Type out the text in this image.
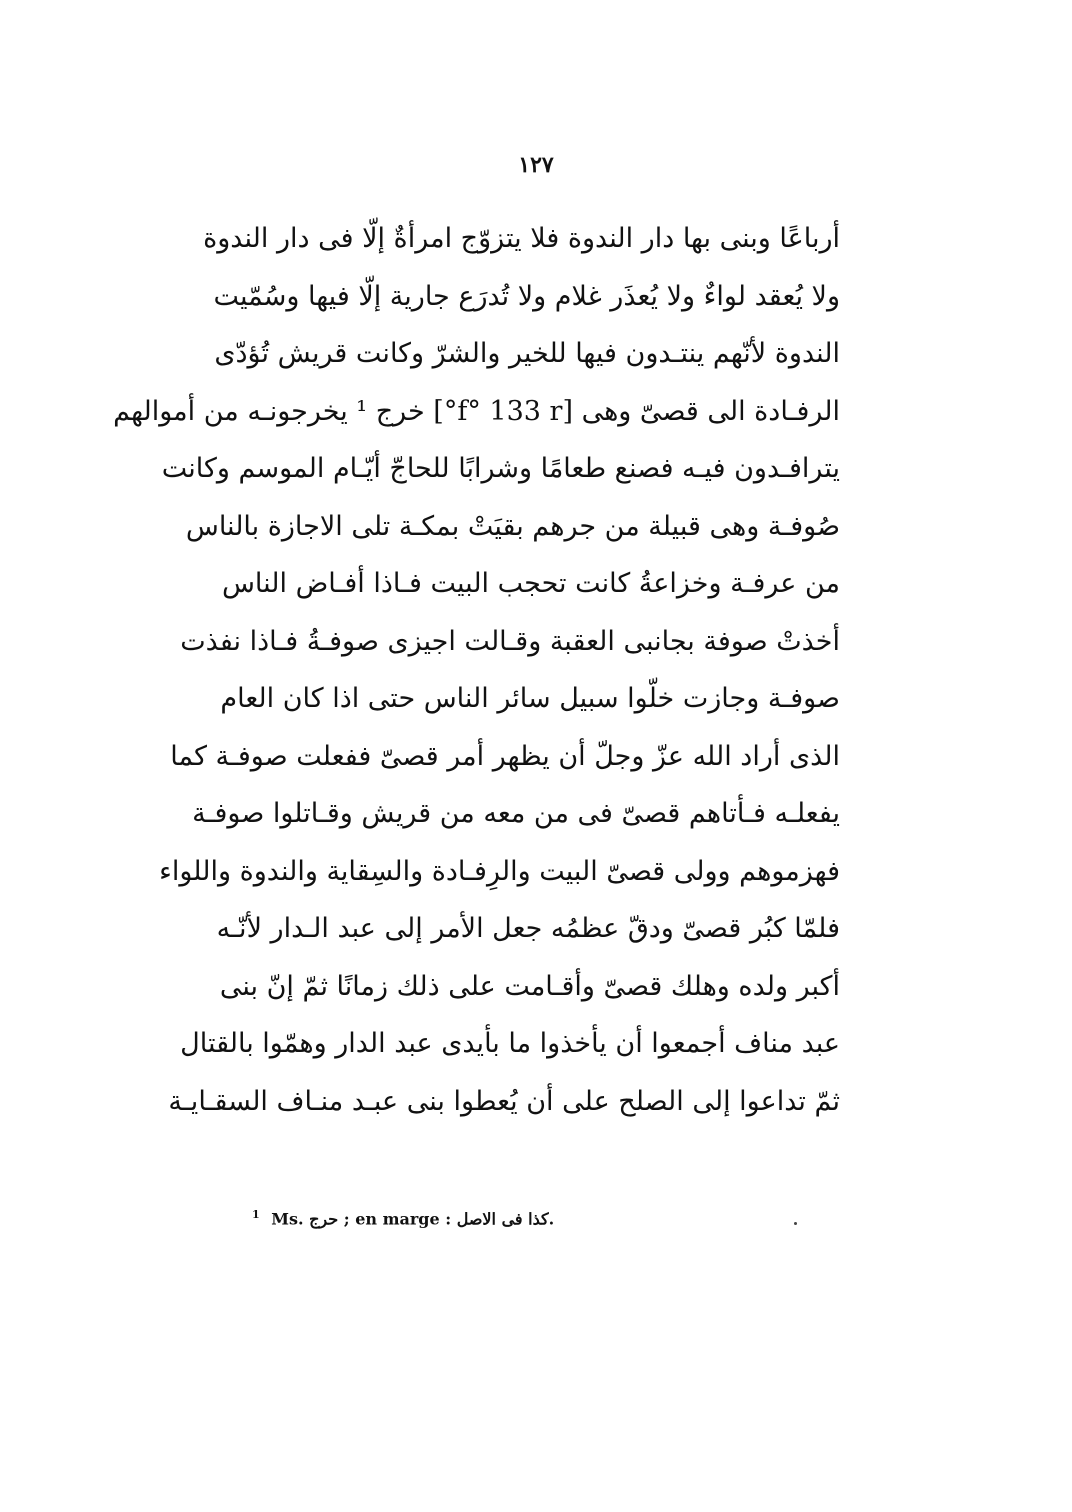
١٢٧
أرباعًا وبنى بها دار الندوة فلا يتزوّج امرأةٌ إلّا فى دار الندوة
ولا يُعقد لواءٌ ولا يُعذَر غلام ولا تُدرَع جارية إلّا فيها وسُمّيت
الندوة لأنّهم ينتـدون فيها للخير والشرّ وكانت قريش تُؤدّى
الرفـادة الى قصىّ وهى [f° 133 r°] خرج ¹ يخرجونـه من أموالهم
يترافـدون فيـه فصنع طعامًا وشرابًا للحاجّ أيّـام الموسم وكانت
صُوفـة وهى قبيلة من جرهم بقيَتْ بمكـة تلى الاجازة بالناس
من عرفـة وخزاعةُ كانت تحجب البيت فـاذا أفـاض الناس
أخذتْ صوفة بجانبى العقبة وقـالت اجيزى صوفـةُ فـاذا نفذت
صوفـة وجازت خلّوا سبيل سائر الناس حتى اذا كان العام
الذى أراد الله عزّ وجلّ أن يظهر أمر قصىّ ففعلت صوفـة كما
يفعلـه فـأتاهم قصىّ فى من معه من قريش وقـاتلوا صوفـة
فهزموهم وولى قصىّ البيت والرِفـادة والسِقاية والندوة واللواء
فلمّا كبُر قصىّ ودقّ عظمُه جعل الأمر إلى عبد الـدار لأنّـه
أكبر ولده وهلك قصىّ وأقـامت على ذلك زمانًا ثمّ إنّ بنى
عبد مناف أجمعوا أن يأخذوا ما بأيدى عبد الدار وهمّوا بالقتال
ثمّ تداعوا إلى الصلح على أن يُعطوا بنى عبـد منـاف السقـايـة
$^1$ Ms. حرج ; en marge : كذا فى الاصل.
